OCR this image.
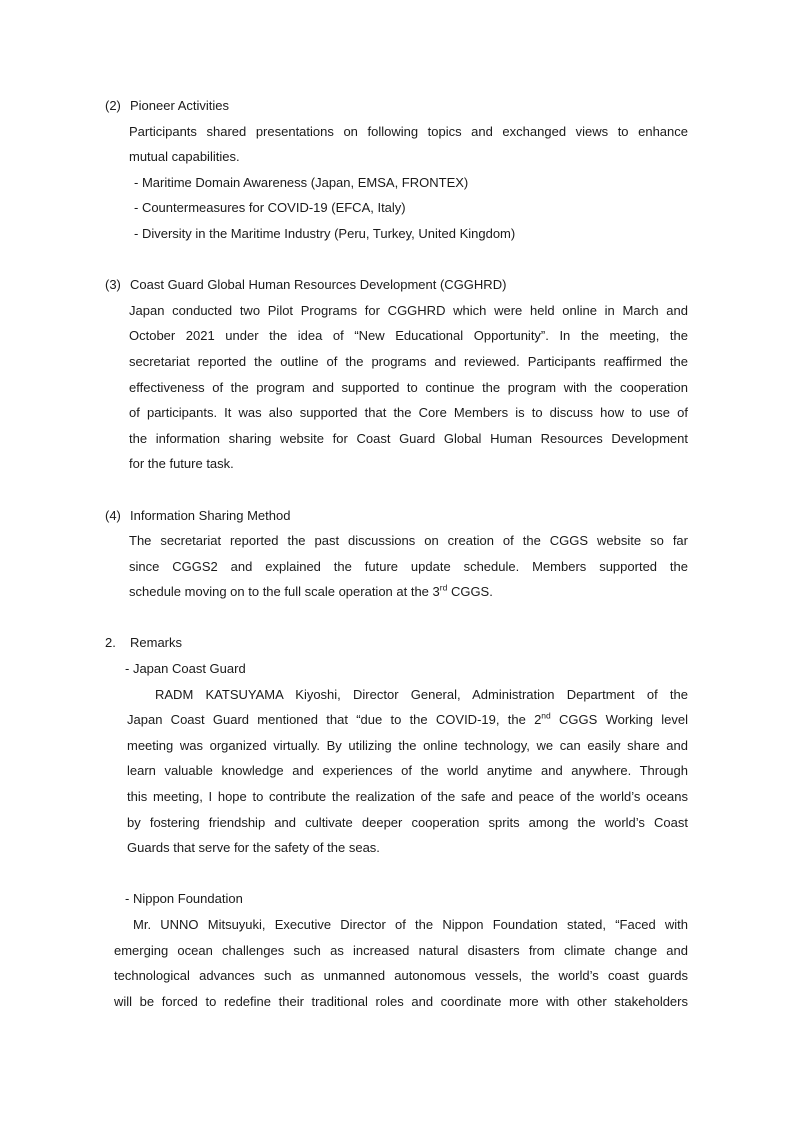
(2) Pioneer Activities
Participants shared presentations on following topics and exchanged views to enhance
mutual capabilities.
- Maritime Domain Awareness (Japan, EMSA, FRONTEX)
- Countermeasures for COVID-19 (EFCA, Italy)
- Diversity in the Maritime Industry (Peru, Turkey, United Kingdom)
(3) Coast Guard Global Human Resources Development (CGGHRD)
Japan conducted two Pilot Programs for CGGHRD which were held online in March and
October 2021 under the idea of “New Educational Opportunity”. In the meeting, the
secretariat reported the outline of the programs and reviewed. Participants reaffirmed the
effectiveness of the program and supported to continue the program with the cooperation
of participants. It was also supported that the Core Members is to discuss how to use of
the information sharing website for Coast Guard Global Human Resources Development
for the future task.
(4) Information Sharing Method
The secretariat reported the past discussions on creation of the CGGS website so far
since CGGS2 and explained the future update schedule. Members supported the
schedule moving on to the full scale operation at the 3rd CGGS.
2.	Remarks
- Japan Coast Guard
RADM KATSUYAMA Kiyoshi, Director General, Administration Department of the
Japan Coast Guard mentioned that “due to the COVID-19, the 2nd CGGS Working level
meeting was organized virtually. By utilizing the online technology, we can easily share and
learn valuable knowledge and experiences of the world anytime and anywhere. Through
this meeting, I hope to contribute the realization of the safe and peace of the world’s oceans
by fostering friendship and cultivate deeper cooperation sprits among the world’s Coast
Guards that serve for the safety of the seas.
- Nippon Foundation
Mr. UNNO Mitsuyuki, Executive Director of the Nippon Foundation stated, “Faced with
emerging ocean challenges such as increased natural disasters from climate change and
technological advances such as unmanned autonomous vessels, the world’s coast guards
will be forced to redefine their traditional roles and coordinate more with other stakeholders
